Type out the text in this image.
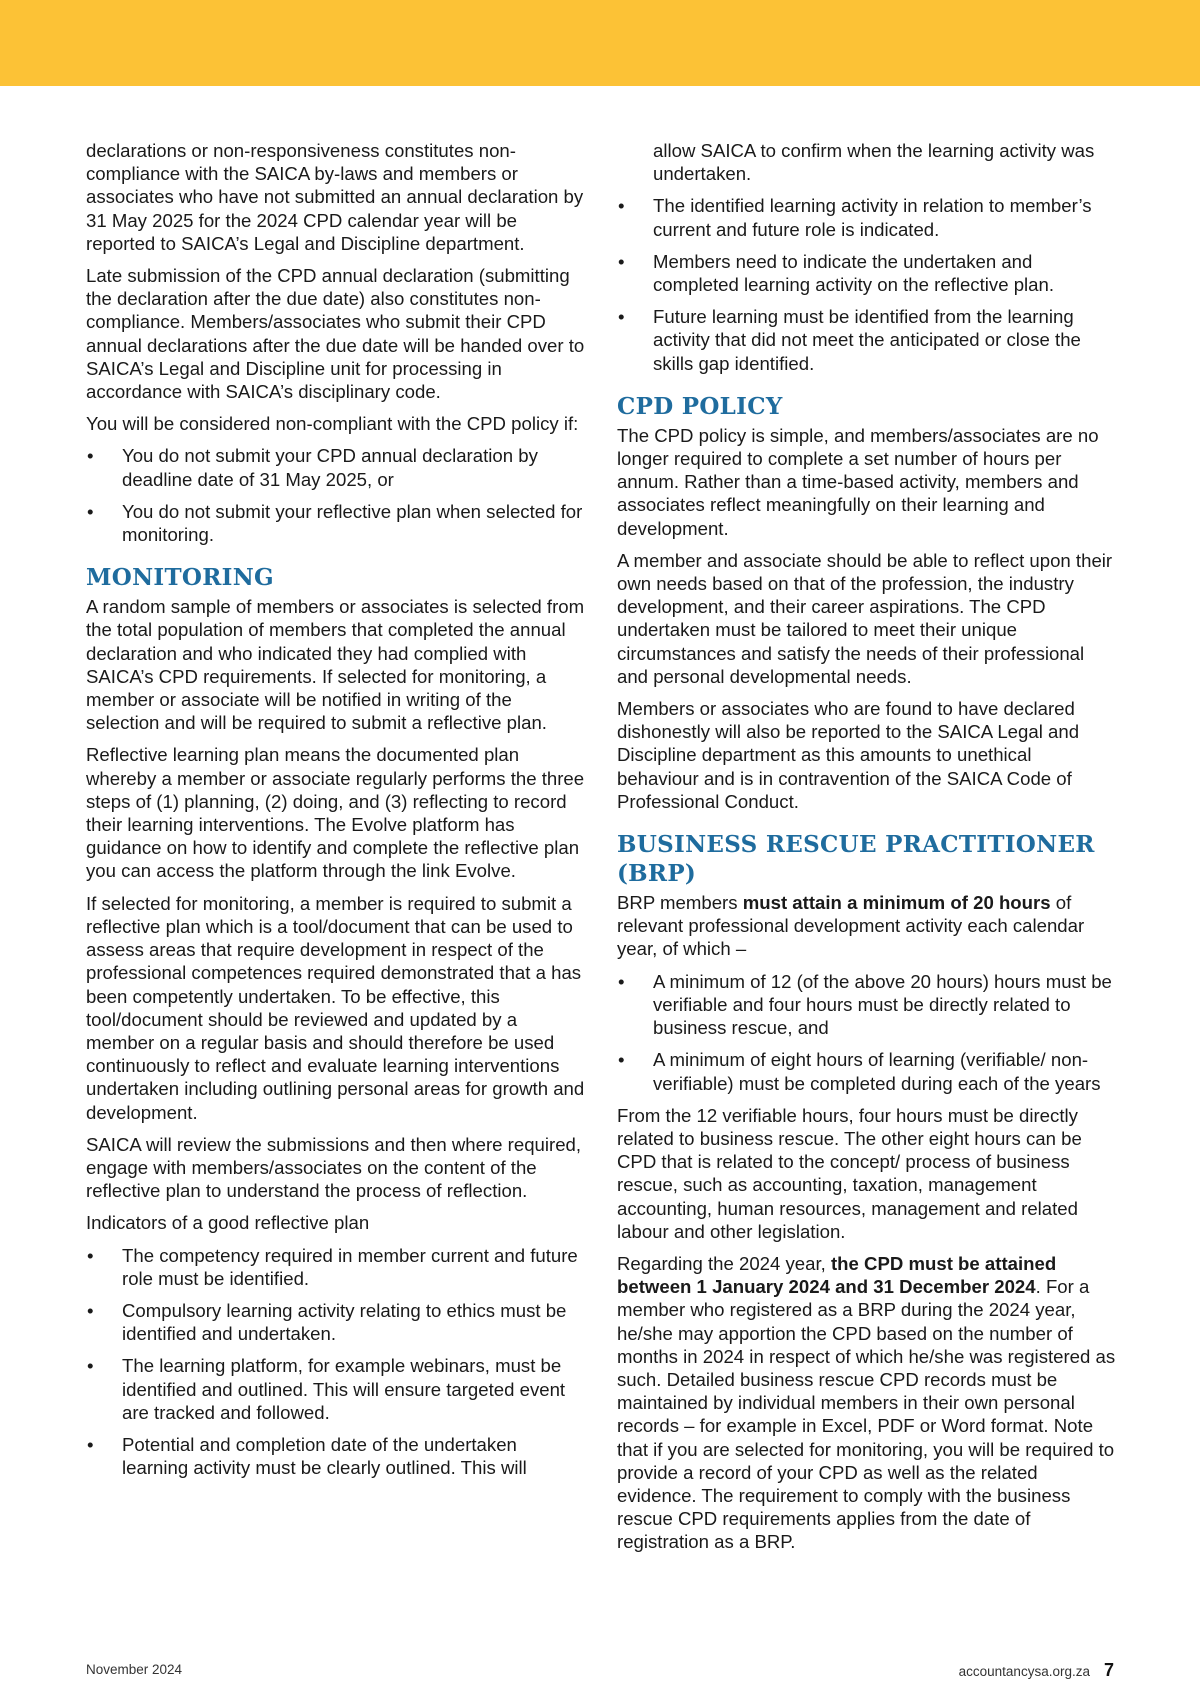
declarations or non-responsiveness constitutes non-compliance with the SAICA by-laws and members or associates who have not submitted an annual declaration by 31 May 2025 for the 2024 CPD calendar year will be reported to SAICA’s Legal and Discipline department.

Late submission of the CPD annual declaration (submitting the declaration after the due date) also constitutes non-compliance. Members/associates who submit their CPD annual declarations after the due date will be handed over to SAICA’s Legal and Discipline unit for processing in accordance with SAICA’s disciplinary code.

You will be considered non-compliant with the CPD policy if:

• You do not submit your CPD annual declaration by deadline date of 31 May 2025, or
• You do not submit your reflective plan when selected for monitoring.
MONITORING

A random sample of members or associates is selected from the total population of members that completed the annual declaration and who indicated they had complied with SAICA’s CPD requirements. If selected for monitoring, a member or associate will be notified in writing of the selection and will be required to submit a reflective plan.

Reflective learning plan means the documented plan whereby a member or associate regularly performs the three steps of (1) planning, (2) doing, and (3) reflecting to record their learning interventions. The Evolve platform has guidance on how to identify and complete the reflective plan you can access the platform through the link Evolve.

If selected for monitoring, a member is required to submit a reflective plan which is a tool/document that can be used to assess areas that require development in respect of the professional competences required demonstrated that a has been competently undertaken. To be effective, this tool/document should be reviewed and updated by a member on a regular basis and should therefore be used continuously to reflect and evaluate learning interventions undertaken including outlining personal areas for growth and development.

SAICA will review the submissions and then where required, engage with members/associates on the content of the reflective plan to understand the process of reflection.

Indicators of a good reflective plan

• The competency required in member current and future role must be identified.
• Compulsory learning activity relating to ethics must be identified and undertaken.
• The learning platform, for example webinars, must be identified and outlined. This will ensure targeted event are tracked and followed.
• Potential and completion date of the undertaken learning activity must be clearly outlined. This will
allow SAICA to confirm when the learning activity was undertaken.
• The identified learning activity in relation to member’s current and future role is indicated.
• Members need to indicate the undertaken and completed learning activity on the reflective plan.
• Future learning must be identified from the learning activity that did not meet the anticipated or close the skills gap identified.
CPD POLICY

The CPD policy is simple, and members/associates are no longer required to complete a set number of hours per annum. Rather than a time-based activity, members and associates reflect meaningfully on their learning and development.

A member and associate should be able to reflect upon their own needs based on that of the profession, the industry development, and their career aspirations. The CPD undertaken must be tailored to meet their unique circumstances and satisfy the needs of their professional and personal developmental needs.

Members or associates who are found to have declared dishonestly will also be reported to the SAICA Legal and Discipline department as this amounts to unethical behaviour and is in contravention of the SAICA Code of Professional Conduct.

BUSINESS RESCUE PRACTITIONER (BRP)

BRP members must attain a minimum of 20 hours of relevant professional development activity each calendar year, of which –

• A minimum of 12 (of the above 20 hours) hours must be verifiable and four hours must be directly related to business rescue, and
• A minimum of eight hours of learning (verifiable/ non-verifiable) must be completed during each of the years

From the 12 verifiable hours, four hours must be directly related to business rescue. The other eight hours can be CPD that is related to the concept/ process of business rescue, such as accounting, taxation, management accounting, human resources, management and related labour and other legislation.

Regarding the 2024 year, the CPD must be attained between 1 January 2024 and 31 December 2024. For a member who registered as a BRP during the 2024 year, he/she may apportion the CPD based on the number of months in 2024 in respect of which he/she was registered as such. Detailed business rescue CPD records must be maintained by individual members in their own personal records – for example in Excel, PDF or Word format. Note that if you are selected for monitoring, you will be required to provide a record of your CPD as well as the related evidence. The requirement to comply with the business rescue CPD requirements applies from the date of registration as a BRP.

November 2024	accountancysa.org.za 7
